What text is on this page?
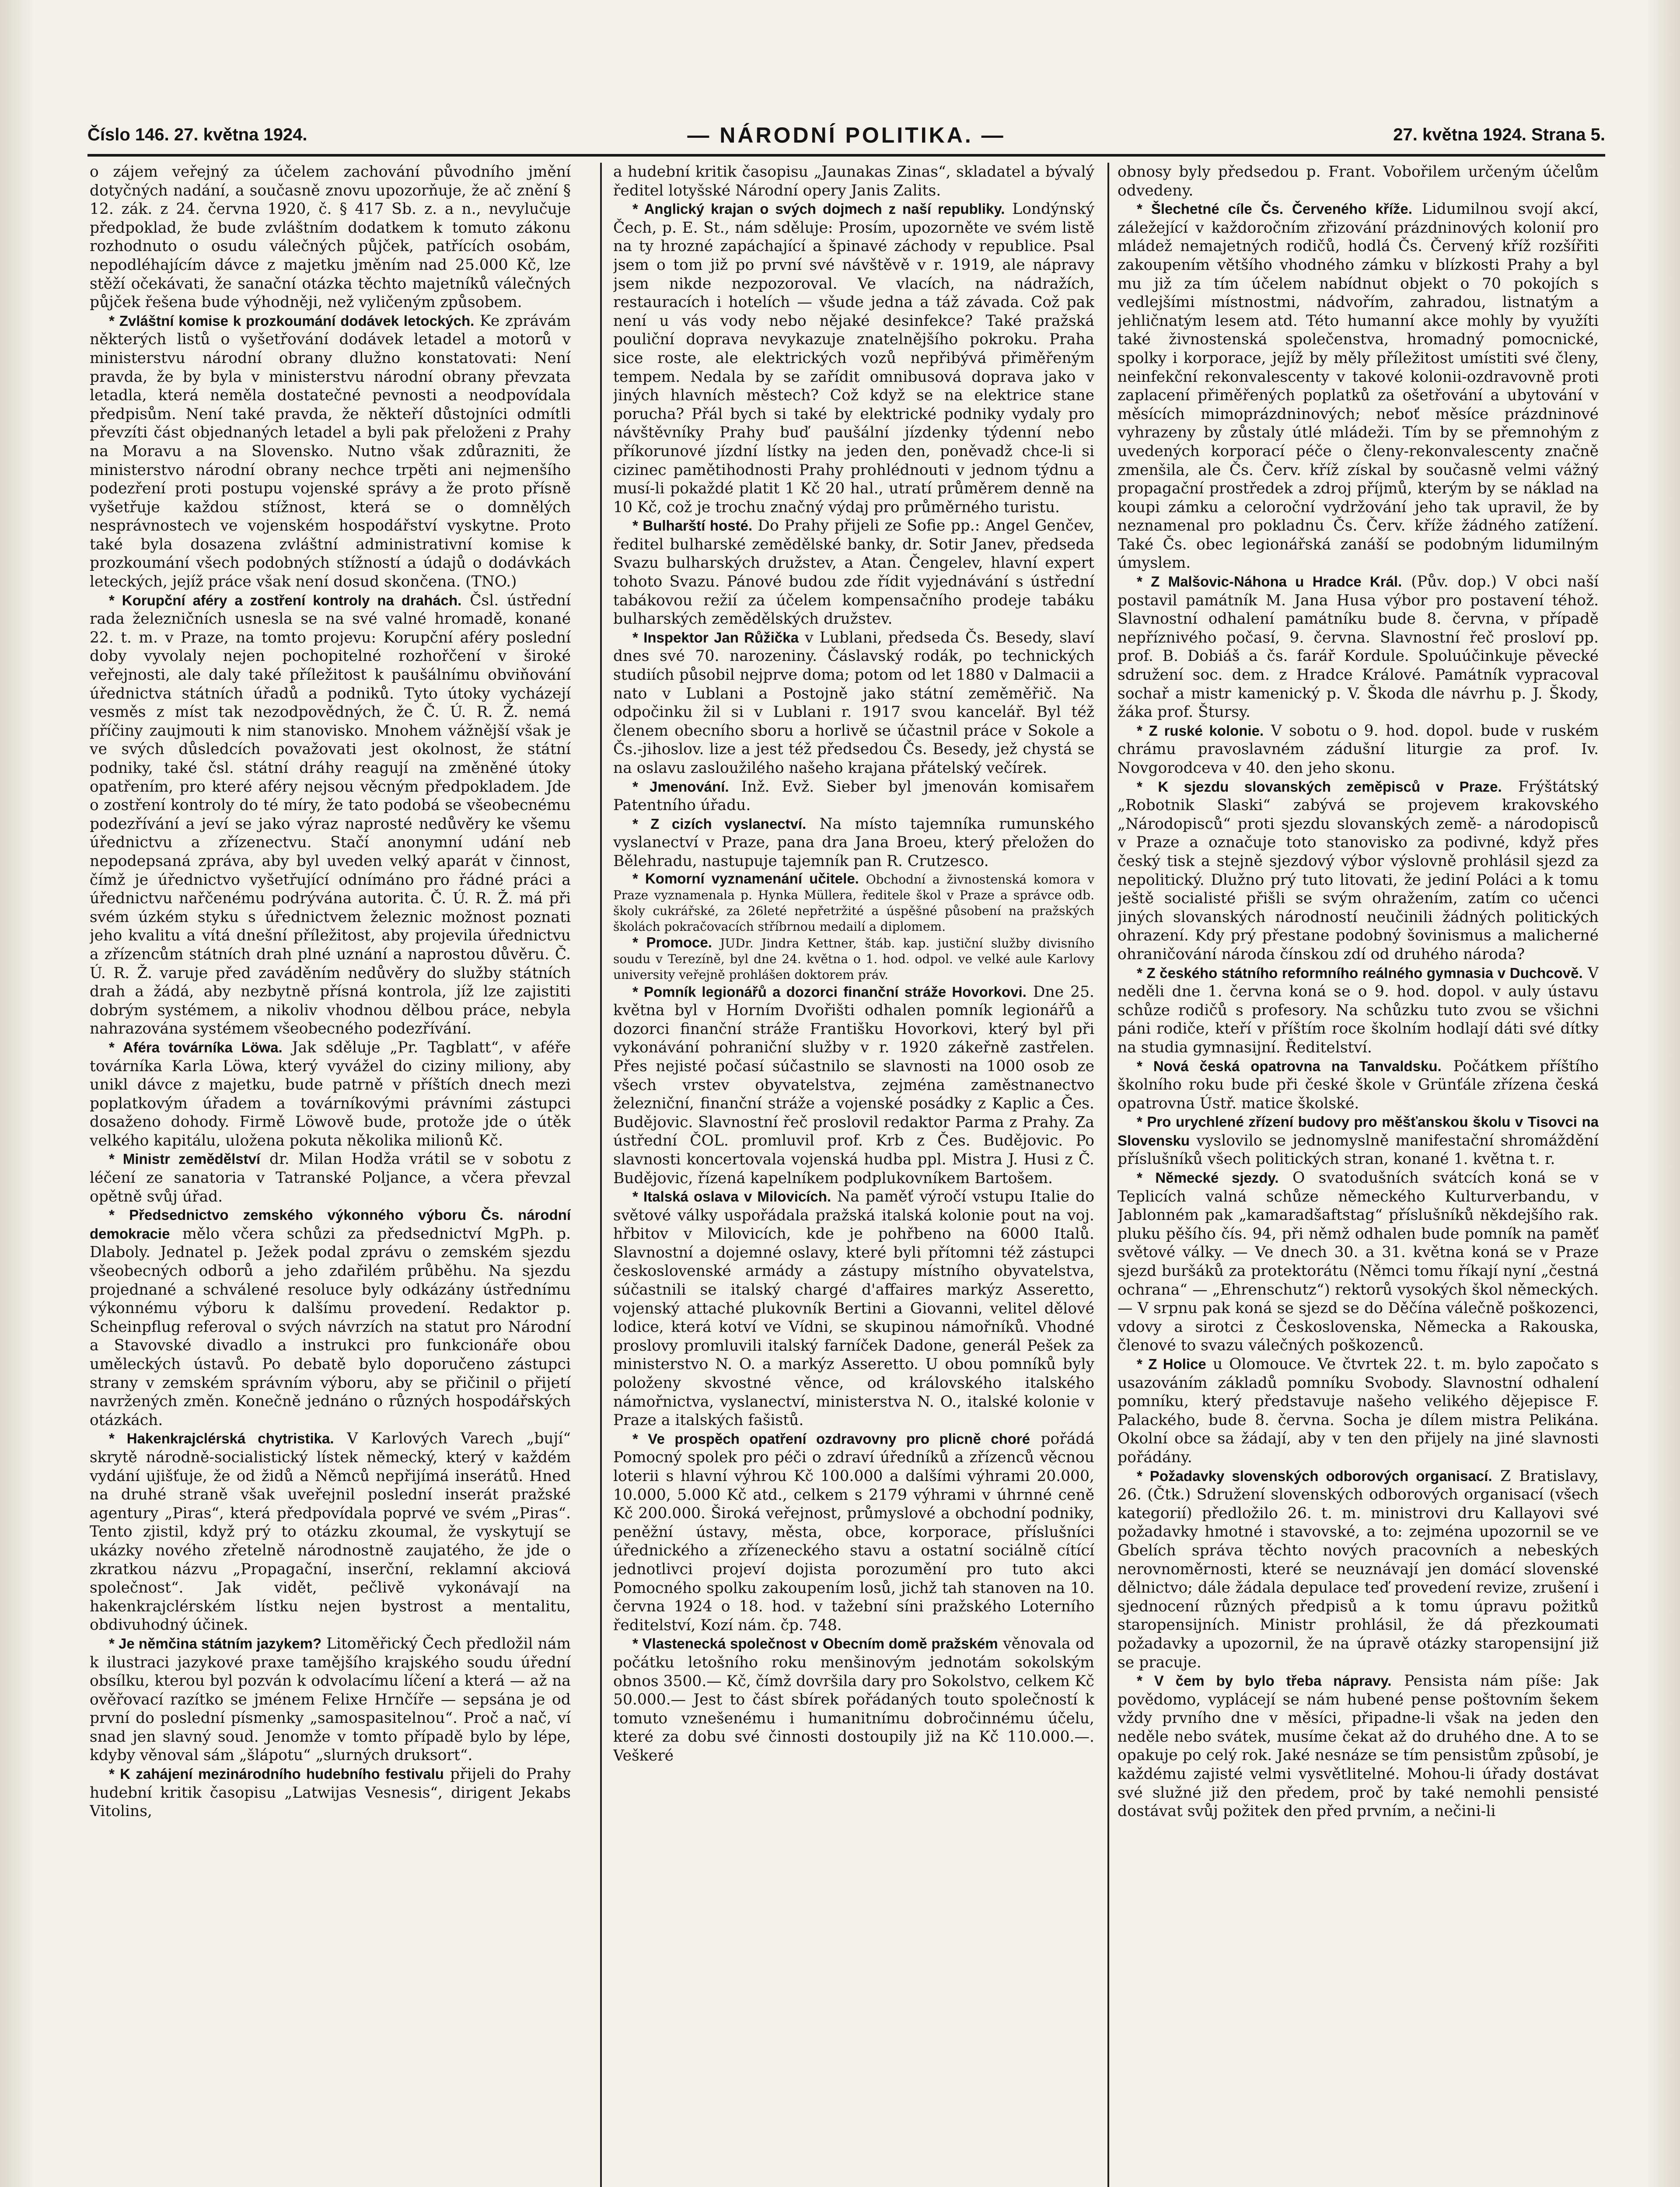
Číslo 146. 27. května 1924.	— NÁRODNÍ POLITIKA. —	27. května 1924. Strana 5.

o zájem veřejný za účelem zachování původního jmění dotyčných nadání, a současně znovu upozorňuje, že ač znění § 12. zák. z 24. června 1920, č. § 417 Sb. z. a n., nevylučuje předpoklad, že bude zvláštním dodatkem k tomuto zákonu rozhodnuto o osudu válečných půjček, patřících osobám, nepodléhajícím dávce z majetku jměním nad 25.000 Kč, lze stěží očekávati, že sanační otázka těchto majetníků válečných půjček řešena bude výhodněji, než vyličeným způsobem.

* Zvláštní komise k prozkoumání dodávek letockých. Ke zprávám některých listů o vyšetřování dodávek letadel a motorů v ministerstvu národní obrany dlužno konstatovati: Není pravda, že by byla v ministerstvu národní obrany převzata letadla, která neměla dostatečné pevnosti a neodpovídala předpisům. Není také pravda, že někteří důstojníci odmítli převzíti část objednaných letadel a byli pak přeloženi z Prahy na Moravu a na Slovensko. Nutno však zdůrazniti, že ministerstvo národní obrany nechce trpěti ani nejmenšího podezření proti postupu vojenské správy a že proto přísně vyšetřuje každou stížnost, která se o domnělých nesprávnostech ve vojenském hospodářství vyskytne. Proto také byla dosazena zvláštní administrativní komise k prozkoumání všech podobných stížností a údajů o dodávkách leteckých, jejíž práce však není dosud skončena. (TNO.)

* Korupční aféry a zostření kontroly na drahách. Čsl. ústřední rada železničních usnesla se na své valné hromadě, konané 22. t. m. v Praze, na tomto projevu: Korupční aféry poslední doby vyvolaly nejen pochopitelné rozhořčení v široké veřejnosti, ale daly také příležitost k paušálnímu obviňování úřednictva státních úřadů a podniků. Tyto útoky vycházejí vesměs z míst tak nezodpovědných, že Č. Ú. R. Ž. nemá příčiny zaujmouti k nim stanovisko. Mnohem vážnější však je ve svých důsledcích považovati jest okolnost, že státní podniky, také čsl. státní dráhy reagují na změněné útoky opatřením, pro které aféry nejsou věcným předpokladem. Jde o zostření kontroly do té míry, že tato podobá se všeobecnému podezřívání a jeví se jako výraz naprosté nedůvěry ke všemu úřednictvu a zřízenectvu. Stačí anonymní udání neb nepodepsaná zpráva, aby byl uveden velký aparát v činnost, čímž je úřednictvo vyšetřující odnímáno pro řádné práci a úřednictvu nařčenému podrývána autorita. Č. Ú. R. Ž. má při svém úzkém styku s úřednictvem železnic možnost poznati jeho kvalitu a vítá dnešní příležitost, aby projevila úřednictvu a zřízencům státních drah plné uznání a naprostou důvěru. Č. Ú. R. Ž. varuje před zaváděním nedůvěry do služby státních drah a žádá, aby nezbytně přísná kontrola, jíž lze zajistiti dobrým systémem, a nikoliv vhodnou dělbou práce, nebyla nahrazována systémem všeobecného podezřívání.

* Aféra továrníka Löwa. Jak sděluje „Pr. Tagblatt“, v aféře továrníka Karla Löwa, který vyvážel do ciziny miliony, aby unikl dávce z majetku, bude patrně v příštích dnech mezi poplatkovým úřadem a továrníkovými právními zástupci dosaženo dohody. Firmě Löwově bude, protože jde o útěk velkého kapitálu, uložena pokuta několika milionů Kč.

* Ministr zemědělství dr. Milan Hodža vrátil se v sobotu z léčení ze sanatoria v Tatranské Poljance, a včera převzal opětně svůj úřad.

* Předsednictvo zemského výkonného výboru Čs. národní demokracie mělo včera schůzi za předsednictví MgPh. p. Dlaboly. Jednatel p. Ježek podal zprávu o zemském sjezdu všeobecných odborů a jeho zdařilém průběhu. Na sjezdu projednané a schválené resoluce byly odkázány ústřednímu výkonnému výboru k dalšímu provedení. Redaktor p. Scheinpflug referoval o svých návrzích na statut pro Národní a Stavovské divadlo a instrukci pro funkcionáře obou uměleckých ústavů. Po debatě bylo doporučeno zástupci strany v zemském správním výboru, aby se přičinil o přijetí navržených změn. Konečně jednáno o různých hospodářských otázkách.

* Hakenkrajclérská chytristika. V Karlových Varech „bují“ skrytě národně-socialistický lístek německý, který v každém vydání ujišťuje, že od židů a Němců nepřijímá inserátů. Hned na druhé straně však uveřejnil poslední inserát pražské agentury „Piras“, která předpovídala poprvé ve svém „Piras“. Tento zjistil, když prý to otázku zkoumal, že vyskytují se ukázky nového zřetelně národnostně zaujatého, že jde o zkratkou názvu „Propagační, inserční, reklamní akciová společnost“. Jak vidět, pečlivě vykonávají na hakenkrajclérském lístku nejen bystrost a mentalitu, obdivuhodný účinek.

* Je němčina státním jazykem? Litoměřický Čech předložil nám k ilustraci jazykové praxe tamějšího krajského soudu úřední obsílku, kterou byl pozván k odvolacímu líčení a která — až na ověřovací razítko se jménem Felixe Hrnčíře — sepsána je od první do poslední písmenky „samospasitelnou“. Proč a nač, ví snad jen slavný soud. Jenomže v tomto případě bylo by lépe, kdyby věnoval sám „šlápotu“ „slurných druksort“.

* K zahájení mezinárodního hudebního festivalu přijeli do Prahy hudební kritik časopisu „Latwijas Vesnesis“, dirigent Jekabs Vitolins,

a hudební kritik časopisu „Jaunakas Zinas“, skladatel a bývalý ředitel lotyšské Národní opery Janis Zalits.

* Anglický krajan o svých dojmech z naší republiky. Londýnský Čech, p. E. St., nám sděluje: Prosím, upozorněte ve svém listě na ty hrozné zapáchající a špinavé záchody v republice. Psal jsem o tom již po první své návštěvě v r. 1919, ale nápravy jsem nikde nezpozoroval. Ve vlacích, na nádražích, restauracích i hotelích — všude jedna a táž závada. Což pak není u vás vody nebo nějaké desinfekce? Také pražská pouliční doprava nevykazuje znatelnějšího pokroku. Praha sice roste, ale elektrických vozů nepřibývá přiměřeným tempem. Nedala by se zařídit omnibusová doprava jako v jiných hlavních městech? Což když se na elektrice stane porucha? Přál bych si také by elektrické podniky vydaly pro návštěvníky Prahy buď paušální jízdenky týdenní nebo příkorunové jízdní lístky na jeden den, poněvadž chce-li si cizinec pamětihodnosti Prahy prohlédnouti v jednom týdnu a musí-li pokaždé platit 1 Kč 20 hal., utratí průměrem denně na 10 Kč, což je trochu značný výdaj pro průměrného turistu.

* Bulharští hosté. Do Prahy přijeli ze Sofie pp.: Angel Genčev, ředitel bulharské zemědělské banky, dr. Sotir Janev, předseda Svazu bulharských družstev, a Atan. Čengelev, hlavní expert tohoto Svazu. Pánové budou zde řídit vyjednávání s ústřední tabákovou režií za účelem kompensačního prodeje tabáku bulharských zemědělských družstev.

* Inspektor Jan Růžička v Lublani, předseda Čs. Besedy, slaví dnes své 70. narozeniny. Čáslavský rodák, po technických studiích působil nejprve doma; potom od let 1880 v Dalmacii a nato v Lublani a Postojně jako státní zeměměřič. Na odpočinku žil si v Lublani r. 1917 svou kancelář. Byl též členem obecního sboru a horlivě se účastnil práce v Sokole a Čs.-jihoslov. lize a jest též předsedou Čs. Besedy, jež chystá se na oslavu zasloužilého našeho krajana přátelský večírek.

* Jmenování. Inž. Evž. Sieber byl jmenován komisařem Patentního úřadu.

* Z cizích vyslanectví. Na místo tajemníka rumunského vyslanectví v Praze, pana dra Jana Broeu, který přeložen do Bělehradu, nastupuje tajemník pan R. Crutzesco.

* Komorní vyznamenání učitele. Obchodní a živnostenská komora v Praze vyznamenala p. Hynka Müllera, ředitele škol v Praze a správce odb. školy cukrářské, za 26leté nepřetržité a úspěšné působení na pražských školách pokračovacích stříbrnou medailí a diplomem.

* Promoce. JUDr. Jindra Kettner, štáb. kap. justiční služby divisního soudu v Terezíně, byl dne 24. května o 1. hod. odpol. ve velké aule Karlovy university veřejně prohlášen doktorem práv.

* Pomník legionářů a dozorci finanční stráže Hovorkovi. Dne 25. května byl v Horním Dvořišti odhalen pomník legionářů a dozorci finanční stráže Františku Hovorkovi, který byl při vykonávání pohraniční služby v r. 1920 zákeřně zastřelen. Přes nejisté počasí súčastnilo se slavnosti na 1000 osob ze všech vrstev obyvatelstva, zejména zaměstnanectvo železniční, finanční stráže a vojenské posádky z Kaplic a Čes. Budějovic. Slavnostní řeč proslovil redaktor Parma z Prahy. Za ústřední ČOL. promluvil prof. Krb z Čes. Budějovic. Po slavnosti koncertovala vojenská hudba ppl. Mistra J. Husi z Č. Budějovic, řízená kapelníkem podplukovníkem Bartošem.

* Italská oslava v Milovicích. Na paměť výročí vstupu Italie do světové války uspořádala pražská italská kolonie pout na voj. hřbitov v Milovicích, kde je pohřbeno na 6000 Italů. Slavnostní a dojemné oslavy, které byli přítomni též zástupci československé armády a zástupy místního obyvatelstva, súčastnili se italský chargé d'affaires markýz Asseretto, vojenský attaché plukovník Bertini a Giovanni, velitel dělové lodice, která kotví ve Vídni, se skupinou námořníků. Vhodné proslovy promluvili italský farníček Dadone, generál Pešek za ministerstvo N. O. a markýz Asseretto. U obou pomníků byly položeny skvostné věnce, od královského italského námořnictva, vyslanectví, ministerstva N. O., italské kolonie v Praze a italských fašistů.

* Ve prospěch opatření ozdravovny pro plicně choré pořádá Pomocný spolek pro péči o zdraví úředníků a zřízenců věcnou loterii s hlavní výhrou Kč 100.000 a dalšími výhrami 20.000, 10.000, 5.000 Kč atd., celkem s 2179 výhrami v úhrnné ceně Kč 200.000. Široká veřejnost, průmyslové a obchodní podniky, peněžní ústavy, města, obce, korporace, příslušníci úřednického a zřízeneckého stavu a ostatní sociálně cítící jednotlivci projeví dojista porozumění pro tuto akci Pomocného spolku zakoupením losů, jichž tah stanoven na 10. června 1924 o 18. hod. v tažební síni pražského Loterního ředitelství, Kozí nám. čp. 748.

* Vlastenecká společnost v Obecním domě pražském věnovala od počátku letošního roku menšinovým jednotám sokolským obnos 3500.— Kč, čímž dovršila dary pro Sokolstvo, celkem Kč 50.000.— Jest to část sbírek pořádaných touto společností k tomuto vznešenému i humanitnímu dobročinnému účelu, které za dobu své činnosti dostoupily již na Kč 110.000.—. Veškeré

obnosy byly předsedou p. Frant. Vobořilem určeným účelům odvedeny.

* Šlechetné cíle Čs. Červeného kříže. Lidumilnou svojí akcí, záležející v každoročním zřizování prázdninových kolonií pro mládež nemajetných rodičů, hodlá Čs. Červený kříž rozšířiti zakoupením většího vhodného zámku v blízkosti Prahy a byl mu již za tím účelem nabídnut objekt o 70 pokojích s vedlejšími místnostmi, nádvořím, zahradou, listnatým a jehličnatým lesem atd. Této humanní akce mohly by využíti také živnostenská společenstva, hromadný pomocnické, spolky i korporace, jejíž by měly příležitost umístiti své členy, neinfekční rekonvalescenty v takové kolonii-ozdravovně proti zaplacení přiměřených poplatků za ošetřování a ubytování v měsících mimoprázdninových; neboť měsíce prázdninové vyhrazeny by zůstaly útlé mládeži. Tím by se přemnohým z uvedených korporací péče o členy-rekonvalescenty značně zmenšila, ale Čs. Červ. kříž získal by současně velmi vážný propagační prostředek a zdroj příjmů, kterým by se náklad na koupi zámku a celoroční vydržování jeho tak upravil, že by neznamenal pro pokladnu Čs. Červ. kříže žádného zatížení. Také Čs. obec legionářská zanáší se podobným lidumilným úmyslem.

* Z Malšovic-Náhona u Hradce Král. (Pův. dop.) V obci naší postavil památník M. Jana Husa výbor pro postavení téhož. Slavnostní odhalení památníku bude 8. června, v případě nepříznivého počasí, 9. června. Slavnostní řeč prosloví pp. prof. B. Dobiáš a čs. farář Kordule. Spoluúčinkuje pěvecké sdružení soc. dem. z Hradce Králové. Památník vypracoval sochař a mistr kamenický p. V. Škoda dle návrhu p. J. Škody, žáka prof. Štursy.

* Z ruské kolonie. V sobotu o 9. hod. dopol. bude v ruském chrámu pravoslavném zádušní liturgie za prof. Iv. Novgorodceva v 40. den jeho skonu.

* K sjezdu slovanských zeměpisců v Praze. Frýštátský „Robotnik Slaski“ zabývá se projevem krakovského „Národopisců“ proti sjezdu slovanských země- a národopisců v Praze a označuje toto stanovisko za podivné, když přes český tisk a stejně sjezdový výbor výslovně prohlásil sjezd za nepolitický. Dlužno prý tuto litovati, že jediní Poláci a k tomu ještě socialisté přišli se svým ohražením, zatím co učenci jiných slovanských národností neučinili žádných politických ohrazení. Kdy prý přestane podobný šovinismus a malicherné ohraničování národa čínskou zdí od druhého národa?

* Z českého státního reformního reálného gymnasia v Duchcově. V neděli dne 1. června koná se o 9. hod. dopol. v auly ústavu schůze rodičů s profesory. Na schůzku tuto zvou se všichni páni rodiče, kteří v příštím roce školním hodlají dáti své dítky na studia gymnasijní. Ředitelství.

* Nová česká opatrovna na Tanvaldsku. Počátkem příštího školního roku bude při české škole v Grünťále zřízena česká opatrovna Ústř. matice školské.

* Pro urychlené zřízení budovy pro měšťanskou školu v Tisovci na Slovensku vyslovilo se jednomyslně manifestační shromáždění příslušníků všech politických stran, konané 1. května t. r.

* Německé sjezdy. O svatodušních svátcích koná se v Teplicích valná schůze německého Kulturverbandu, v Jablonném pak „kamaradšaftstag“ příslušníků někdejšího rak. pluku pěšího čís. 94, při němž odhalen bude pomník na paměť světové války. — Ve dnech 30. a 31. května koná se v Praze sjezd buršáků za protektorátu (Němci tomu říkají nyní „čestná ochrana“ — „Ehrenschutz“) rektorů vysokých škol německých. — V srpnu pak koná se sjezd se do Děčína válečně poškozenci, vdovy a sirotci z Československa, Německa a Rakouska, členové to svazu válečných poškozenců.

* Z Holice u Olomouce. Ve čtvrtek 22. t. m. bylo započato s usazováním základů pomníku Svobody. Slavnostní odhalení pomníku, který představuje našeho velikého dějepisce F. Palackého, bude 8. června. Socha je dílem mistra Pelikána. Okolní obce sa žádají, aby v ten den přijely na jiné slavnosti pořádány.

* Požadavky slovenských odborových organisací. Z Bratislavy, 26. (Čtk.) Sdružení slovenských odborových organisací (všech kategorií) předložilo 26. t. m. ministrovi dru Kallayovi své požadavky hmotné i stavovské, a to: zejména upozornil se ve Gbelích správa těchto nových pracovních a nebeských nerovnoměrnosti, které se neuznávají jen domácí slovenské dělnictvo; dále žádala depulace teď provedení revize, zrušení i sjednocení různých předpisů a k tomu úpravu požitků staropensijních. Ministr prohlásil, že dá přezkoumati požadavky a upozornil, že na úpravě otázky staropensijní již se pracuje.

* V čem by bylo třeba nápravy. Pensista nám píše: Jak povědomo, vyplácejí se nám hubené pense poštovním šekem vždy prvního dne v měsíci, připadne-li však na jeden den neděle nebo svátek, musíme čekat až do druhého dne. A to se opakuje po celý rok. Jaké nesnáze se tím pensistům způsobí, je každému zajisté velmi vysvětlitelné. Mohou-li úřady dostávat své služné již den předem, proč by také nemohli pensisté dostávat svůj požitek den před prvním, a nečini-li
